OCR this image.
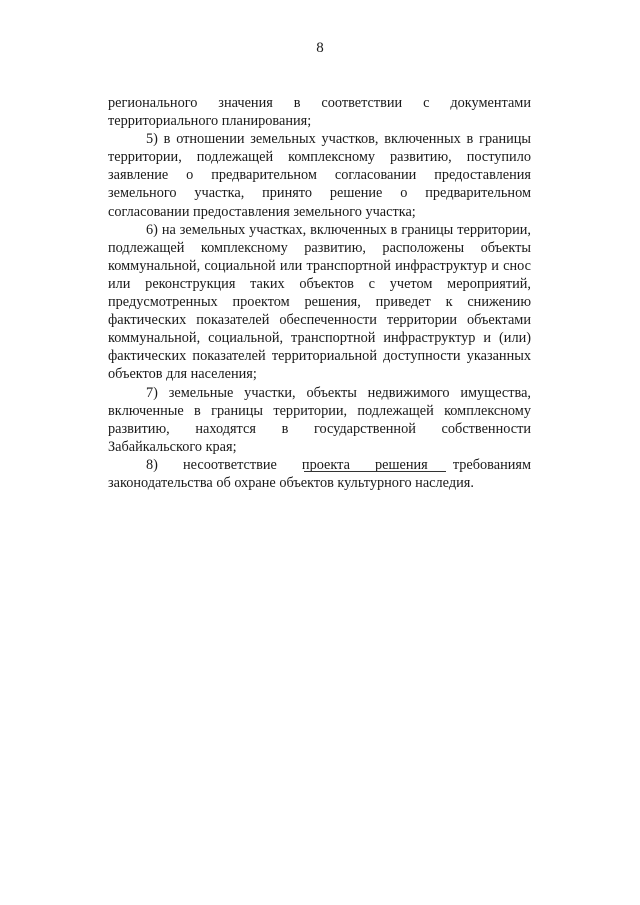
8

регионального значения в соответствии с документами территориального планирования;

5) в отношении земельных участков, включенных в границы территории, подлежащей комплексному развитию, поступило заявление о предварительном согласовании предоставления земельного участка, принято решение о предварительном согласовании предоставления земельного участка;

6) на земельных участках, включенных в границы территории, подлежащей комплексному развитию, расположены объекты коммунальной, социальной или транспортной инфраструктур и снос или реконструкция таких объектов с учетом мероприятий, предусмотренных проектом решения, приведет к снижению фактических показателей обеспеченности территории объектами коммунальной, социальной, транспортной инфраструктур и (или) фактических показателей территориальной доступности указанных объектов для населения;

7) земельные участки, объекты недвижимого имущества, включенные в границы территории, подлежащей комплексному развитию, находятся в государственной собственности Забайкальского края;

8) несоответствие проекта решения требованиям законодательства об охране объектов культурного наследия.
